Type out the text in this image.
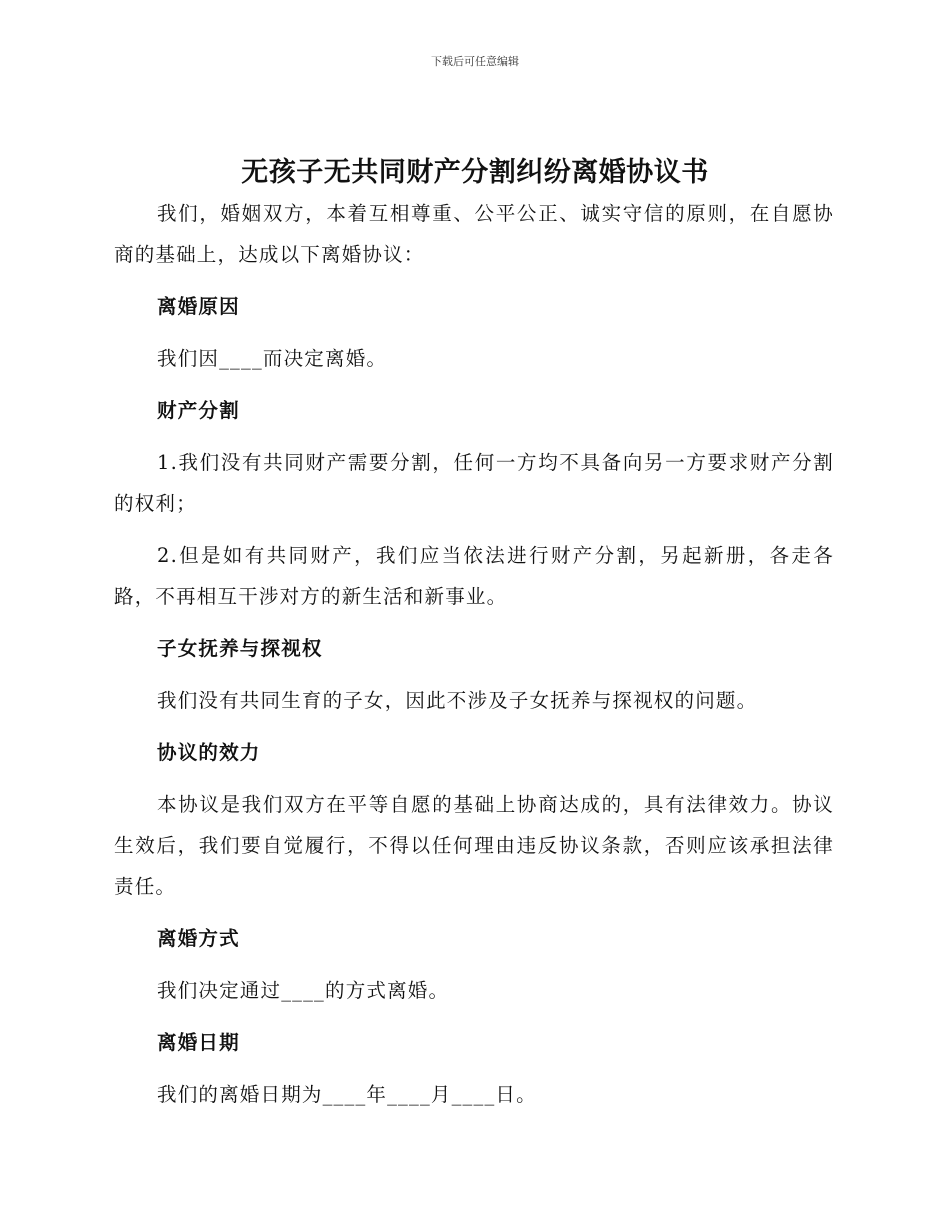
下载后可任意编辑
无孩子无共同财产分割纠纷离婚协议书

我们，婚姻双方，本着互相尊重、公平公正、诚实守信的原则，在自愿协商的基础上，达成以下离婚协议：

离婚原因

我们因____而决定离婚。

财产分割

1.我们没有共同财产需要分割，任何一方均不具备向另一方要求财产分割的权利；

2.但是如有共同财产，我们应当依法进行财产分割，另起新册，各走各路，不再相互干涉对方的新生活和新事业。

子女抚养与探视权

我们没有共同生育的子女，因此不涉及子女抚养与探视权的问题。

协议的效力

本协议是我们双方在平等自愿的基础上协商达成的，具有法律效力。协议生效后，我们要自觉履行，不得以任何理由违反协议条款，否则应该承担法律责任。

离婚方式

我们决定通过____的方式离婚。

离婚日期

我们的离婚日期为____年____月____日。
